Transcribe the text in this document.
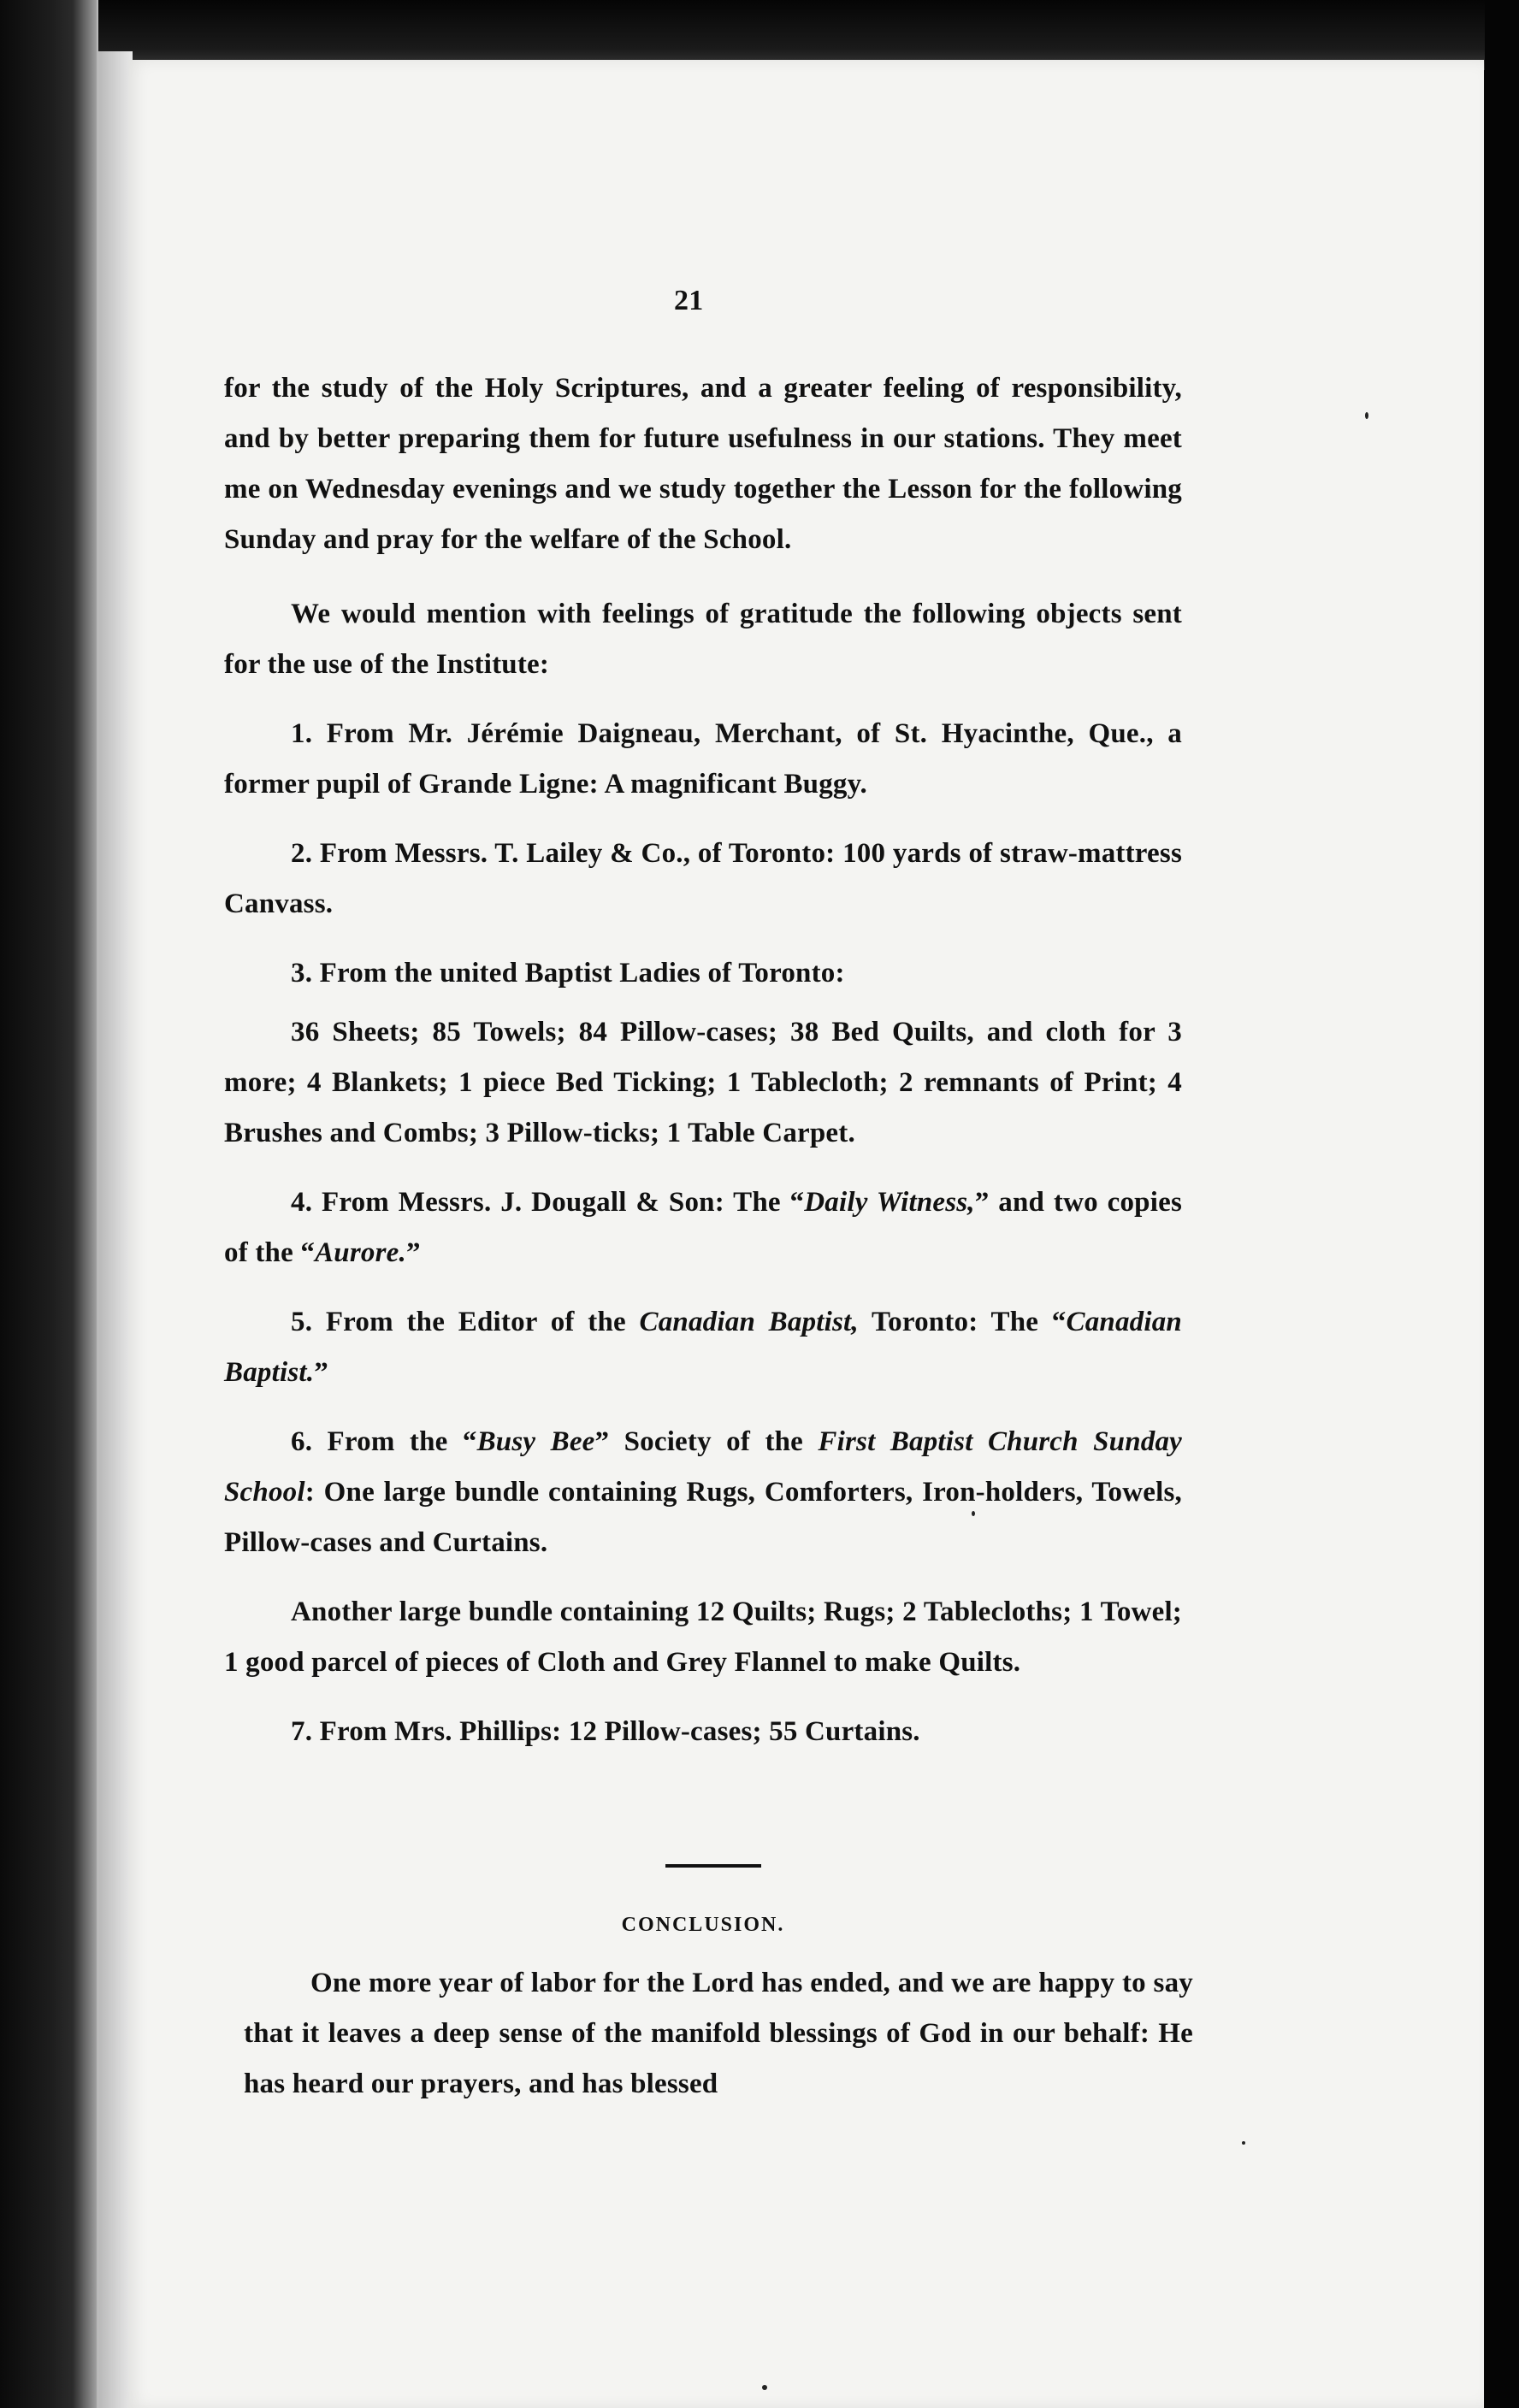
21

for the study of the Holy Scriptures, and a greater feeling of responsibility, and by better preparing them for future usefulness in our stations. They meet me on Wednesday evenings and we study together the Lesson for the following Sunday and pray for the welfare of the School.

We would mention with feelings of gratitude the following objects sent for the use of the Institute:

1. From Mr. Jérémie Daigneau, Merchant, of St. Hyacinthe, Que., a former pupil of Grande Ligne: A magnificant Buggy.

2. From Messrs. T. Lailey & Co., of Toronto: 100 yards of straw-mattress Canvass.

3. From the united Baptist Ladies of Toronto:

36 Sheets; 85 Towels; 84 Pillow-cases; 38 Bed Quilts, and cloth for 3 more; 4 Blankets; 1 piece Bed Ticking; 1 Tablecloth; 2 remnants of Print; 4 Brushes and Combs; 3 Pillow-ticks; 1 Table Carpet.

4. From Messrs. J. Dougall & Son: The “Daily Witness,” and two copies of the “Aurore.”

5. From the Editor of the Canadian Baptist, Toronto: The “Canadian Baptist.”

6. From the “Busy Bee” Society of the First Baptist Church Sunday School: One large bundle containing Rugs, Comforters, Iron-holders, Towels, Pillow-cases and Curtains.

Another large bundle containing 12 Quilts; Rugs; 2 Tablecloths; 1 Towel; 1 good parcel of pieces of Cloth and Grey Flannel to make Quilts.

7. From Mrs. Phillips: 12 Pillow-cases; 55 Curtains.

CONCLUSION.

One more year of labor for the Lord has ended, and we are happy to say that it leaves a deep sense of the manifold blessings of God in our behalf: He has heard our prayers, and has blessed
